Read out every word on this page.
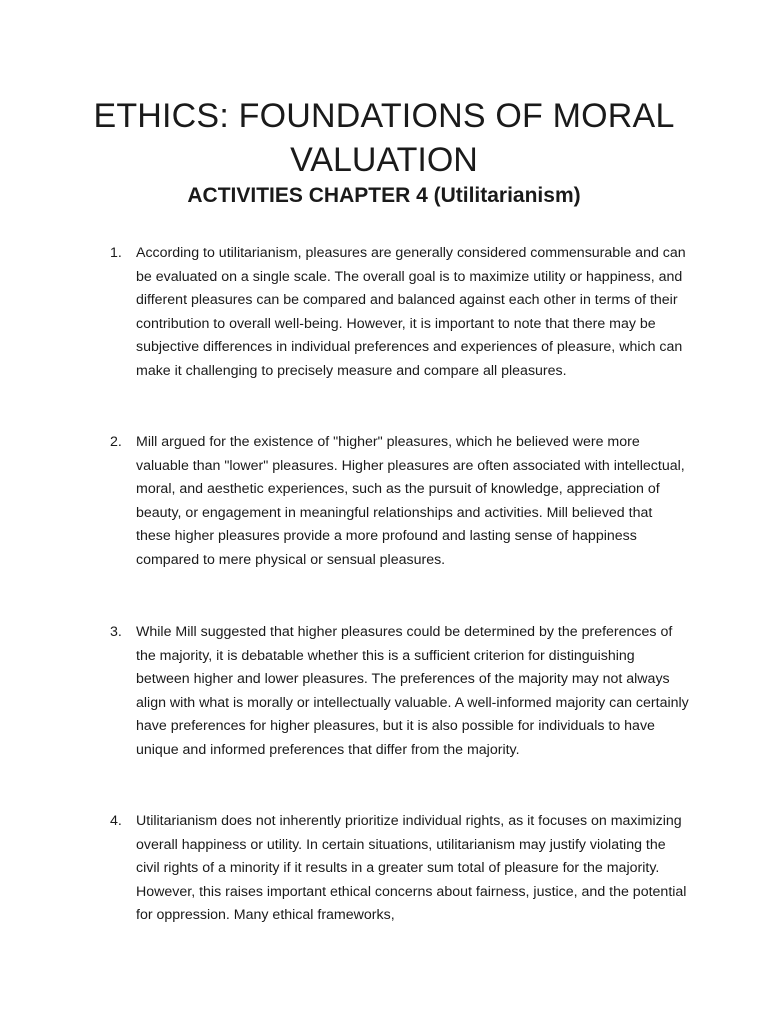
ETHICS: FOUNDATIONS OF MORAL
VALUATION
ACTIVITIES CHAPTER 4 (Utilitarianism)
1. According to utilitarianism, pleasures are generally considered commensurable and can be evaluated on a single scale. The overall goal is to maximize utility or happiness, and different pleasures can be compared and balanced against each other in terms of their contribution to overall well-being. However, it is important to note that there may be subjective differences in individual preferences and experiences of pleasure, which can make it challenging to precisely measure and compare all pleasures.
2. Mill argued for the existence of "higher" pleasures, which he believed were more valuable than "lower" pleasures. Higher pleasures are often associated with intellectual, moral, and aesthetic experiences, such as the pursuit of knowledge, appreciation of beauty, or engagement in meaningful relationships and activities. Mill believed that these higher pleasures provide a more profound and lasting sense of happiness compared to mere physical or sensual pleasures.
3. While Mill suggested that higher pleasures could be determined by the preferences of the majority, it is debatable whether this is a sufficient criterion for distinguishing between higher and lower pleasures. The preferences of the majority may not always align with what is morally or intellectually valuable. A well-informed majority can certainly have preferences for higher pleasures, but it is also possible for individuals to have unique and informed preferences that differ from the majority.
4. Utilitarianism does not inherently prioritize individual rights, as it focuses on maximizing overall happiness or utility. In certain situations, utilitarianism may justify violating the civil rights of a minority if it results in a greater sum total of pleasure for the majority. However, this raises important ethical concerns about fairness, justice, and the potential for oppression. Many ethical frameworks,
